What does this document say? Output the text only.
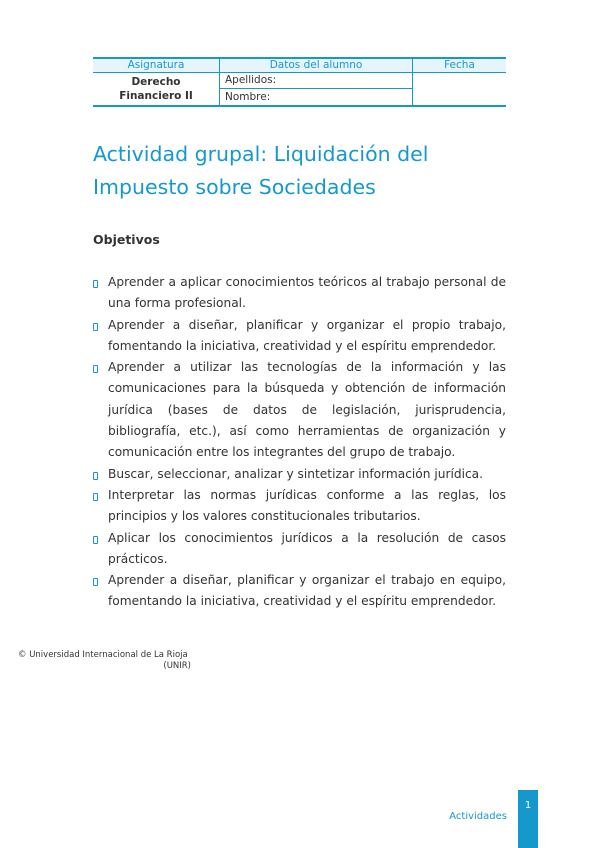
Asignatura	Datos del alumno	Fecha
Derecho
Financiero II	Apellidos:	
	Nombre:	
Actividad grupal: Liquidación del
Impuesto sobre Sociedades
Objetivos
Aprender a aplicar conocimientos teóricos al trabajo personal de una forma profesional.
Aprender a diseñar, planificar y organizar el propio trabajo, fomentando la iniciativa, creatividad y el espíritu emprendedor.
Aprender a utilizar las tecnologías de la información y las comunicaciones para la búsqueda y obtención de información jurídica (bases de datos de legislación, jurisprudencia, bibliografía, etc.), así como herramientas de organización y comunicación entre los integrantes del grupo de trabajo.
Buscar, seleccionar, analizar y sintetizar información jurídica.
Interpretar las normas jurídicas conforme a las reglas, los principios y los valores constitucionales tributarios.
Aplicar los conocimientos jurídicos a la resolución de casos prácticos.
Aprender a diseñar, planificar y organizar el trabajo en equipo, fomentando la iniciativa, creatividad y el espíritu emprendedor.
© Universidad Internacional de La Rioja
(UNIR)
Actividades
1
